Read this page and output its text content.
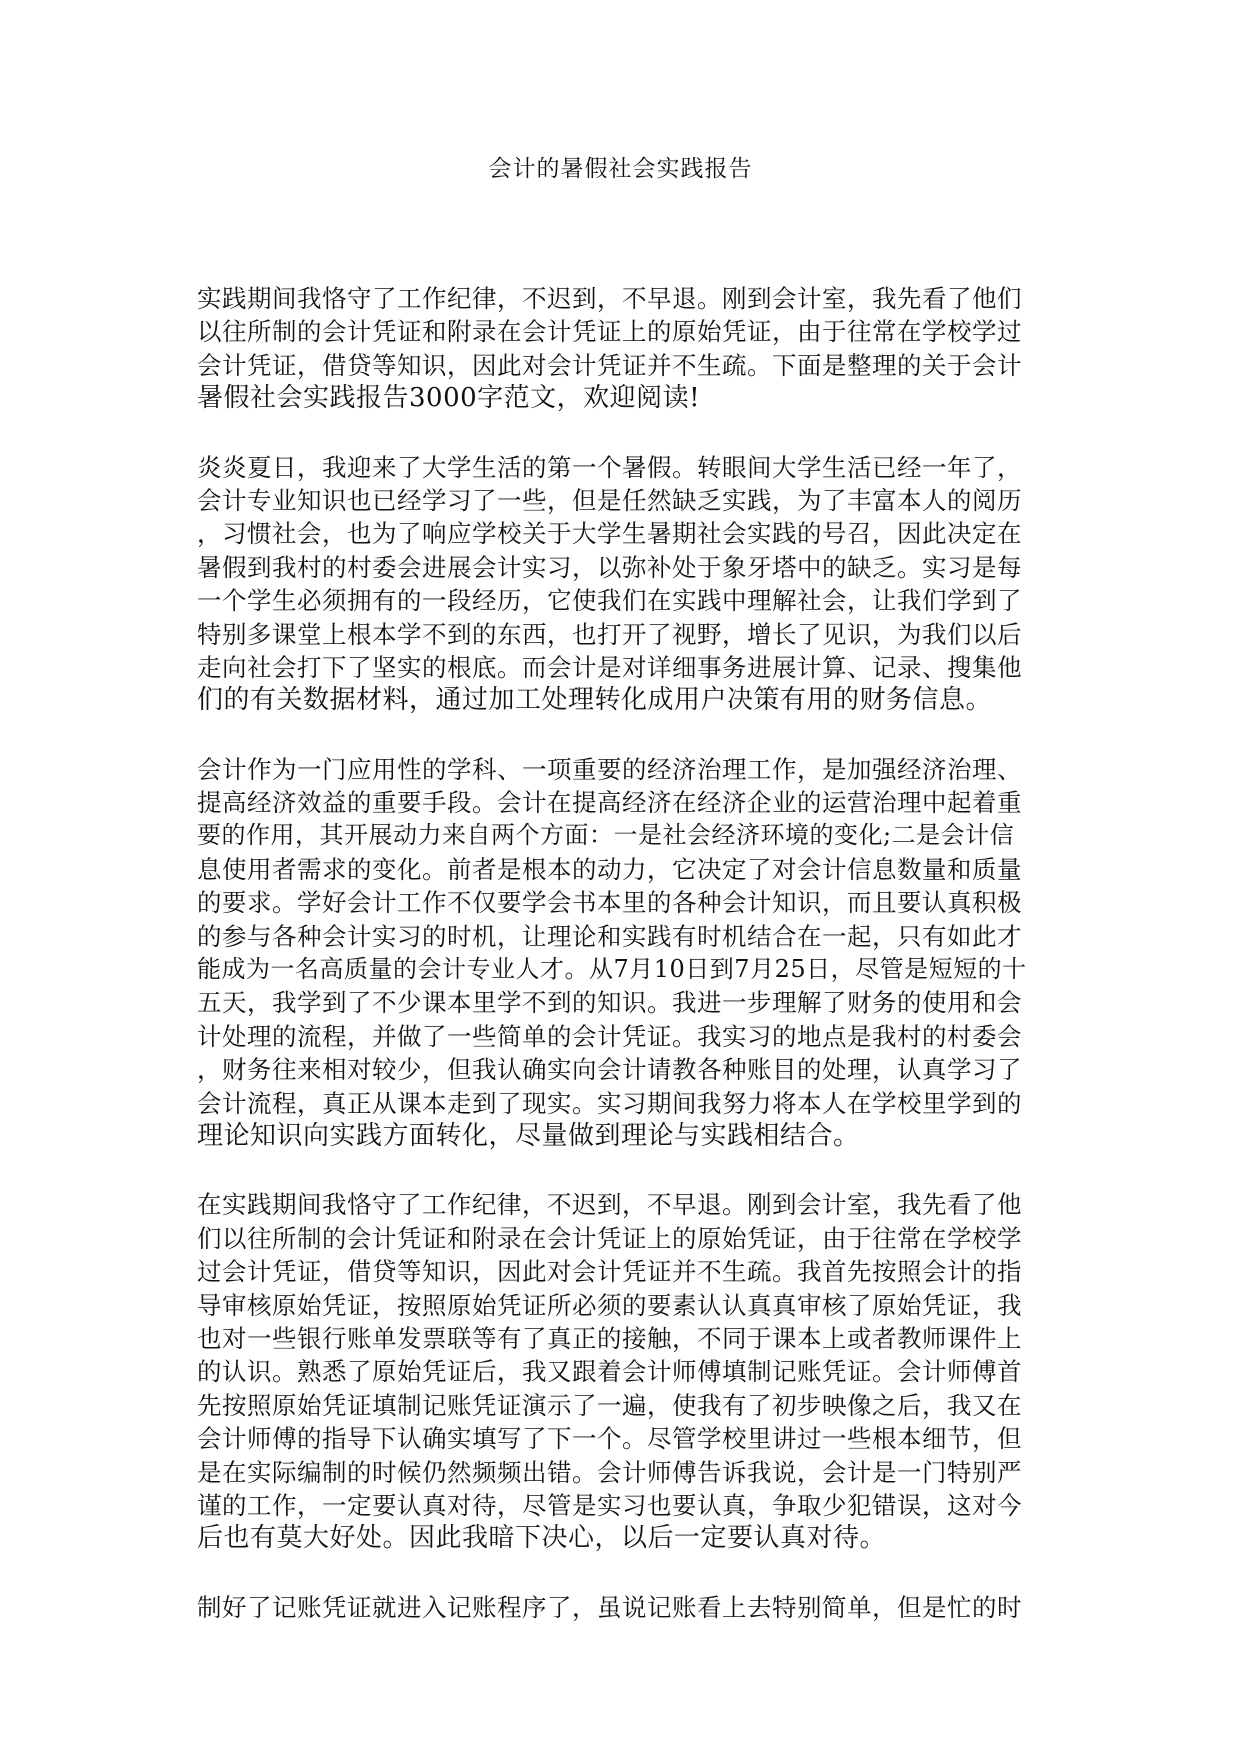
会计的暑假社会实践报告
实践期间我恪守了工作纪律，不迟到，不早退。刚到会计室，我先看了他们
以往所制的会计凭证和附录在会计凭证上的原始凭证，由于往常在学校学过
会计凭证，借贷等知识，因此对会计凭证并不生疏。下面是整理的关于会计
暑假社会实践报告3000字范文，欢迎阅读!
炎炎夏日，我迎来了大学生活的第一个暑假。转眼间大学生活已经一年了，
会计专业知识也已经学习了一些，但是任然缺乏实践，为了丰富本人的阅历
，习惯社会，也为了响应学校关于大学生暑期社会实践的号召，因此决定在
暑假到我村的村委会进展会计实习，以弥补处于象牙塔中的缺乏。实习是每
一个学生必须拥有的一段经历，它使我们在实践中理解社会，让我们学到了
特别多课堂上根本学不到的东西，也打开了视野，增长了见识，为我们以后
走向社会打下了坚实的根底。而会计是对详细事务进展计算、记录、搜集他
们的有关数据材料，通过加工处理转化成用户决策有用的财务信息。
会计作为一门应用性的学科、一项重要的经济治理工作，是加强经济治理、
提高经济效益的重要手段。会计在提高经济在经济企业的运营治理中起着重
要的作用，其开展动力来自两个方面：一是社会经济环境的变化;二是会计信
息使用者需求的变化。前者是根本的动力，它决定了对会计信息数量和质量
的要求。学好会计工作不仅要学会书本里的各种会计知识，而且要认真积极
的参与各种会计实习的时机，让理论和实践有时机结合在一起，只有如此才
能成为一名高质量的会计专业人才。从7月10日到7月25日，尽管是短短的十
五天，我学到了不少课本里学不到的知识。我进一步理解了财务的使用和会
计处理的流程，并做了一些简单的会计凭证。我实习的地点是我村的村委会
，财务往来相对较少，但我认确实向会计请教各种账目的处理，认真学习了
会计流程，真正从课本走到了现实。实习期间我努力将本人在学校里学到的
理论知识向实践方面转化，尽量做到理论与实践相结合。
在实践期间我恪守了工作纪律，不迟到，不早退。刚到会计室，我先看了他
们以往所制的会计凭证和附录在会计凭证上的原始凭证，由于往常在学校学
过会计凭证，借贷等知识，因此对会计凭证并不生疏。我首先按照会计的指
导审核原始凭证，按照原始凭证所必须的要素认认真真审核了原始凭证，我
也对一些银行账单发票联等有了真正的接触，不同于课本上或者教师课件上
的认识。熟悉了原始凭证后，我又跟着会计师傅填制记账凭证。会计师傅首
先按照原始凭证填制记账凭证演示了一遍，使我有了初步映像之后，我又在
会计师傅的指导下认确实填写了下一个。尽管学校里讲过一些根本细节，但
是在实际编制的时候仍然频频出错。会计师傅告诉我说，会计是一门特别严
谨的工作，一定要认真对待，尽管是实习也要认真，争取少犯错误，这对今
后也有莫大好处。因此我暗下决心，以后一定要认真对待。
制好了记账凭证就进入记账程序了，虽说记账看上去特别简单，但是忙的时
